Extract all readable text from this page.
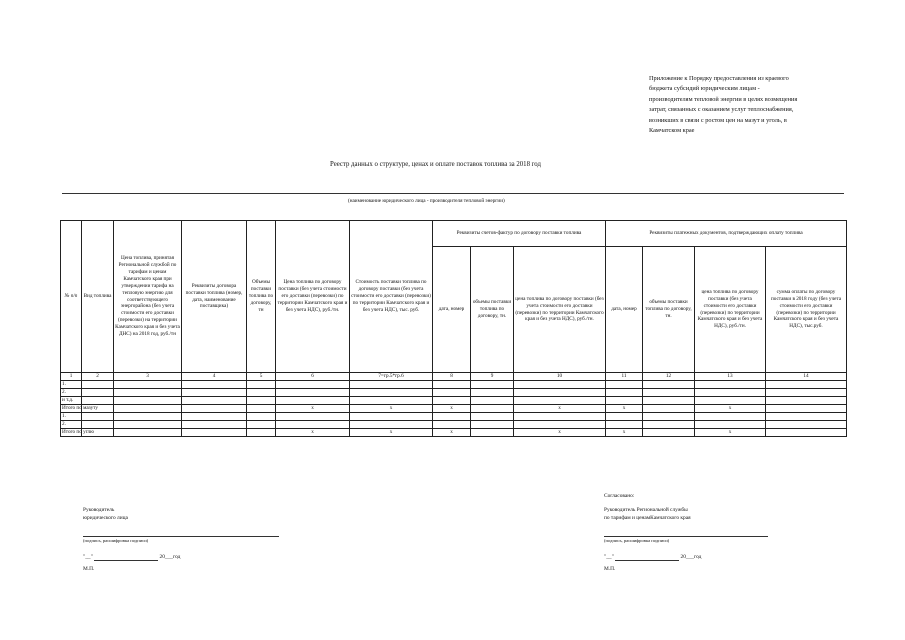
Приложение к Порядку предоставления из краевого
бюджета субсидий юридическим лицам -
производителям тепловой энергии в целях возмещения
затрат, связанных с оказанием услуг теплоснабжения,
возникших в связи с ростом цен на мазут и уголь, в
Камчатском крае
Реестр данных о структуре, ценах и оплате поставок топлива за 2018 год
(наименование юридического лица - производителя тепловой энергии)
№ п/п	Вид топлива	Цена топлива, принятая Региональной службой по тарифам и ценам Камчатского края при утверждении тарифа на тепловую энергию для соответствующего энергорайона (без учета стоимости его доставки (перевозки) на территории Камчатского края и без учета ДНС) на 2018 год, руб./тн	Реквизиты договора поставки топлива (номер, дата, наименование поставщика)	Объемы поставки топлива по договору, тн	Цена топлива по договору поставки (без учета стоимости его доставки (перевозки) по территории Камчатского края и без учета НДС), руб./тн.	Стоимость поставки топлива по договору поставки (без учета стоимости его доставки (перевозки) по территории Камчатского края и без учета НДС), тыс. руб.	Реквизиты счетов-фактур по договору поставки топлива			Реквизиты платежных документов, подтверждающих оплату топлива			
							дата, номер	объемы поставки топлива по договору, тн.	цена топлива по договору поставки (без учета стоимости его доставки (перевозки) по территории Камчатского края и без учета НДС), руб./тн.	дата, номер	объемы поставки топлива по договору, тн.	цена топлива по договору поставки (без учета стоимости его доставки (перевозки) по территории Камчатского края и без учета НДС), руб./тн.	сумма оплаты по договору поставки в 2018 году (без учета стоимости его доставки (перевозки) по территории Камчатского края и без учета НДС), тыс.руб.
1	2	3	4	5	6	7=гр.5*гр.6	8	9	10	11	12	13	14
1.													
2.													
и т.д.													
Итого по мазуту					х	х	х		х	х		х	
1.													
2.													
Итого по углю					х	х	х		х	х		х	
Руководитель
юридического лица
(подпись, расшифровка подписи)
"__"	20___год
М.П.
Согласовано:
Руководитель Региональной службы
по тарифам и ценамКамчатского края
(подпись, расшифровка подписи)
"__"	20___год
М.П.
